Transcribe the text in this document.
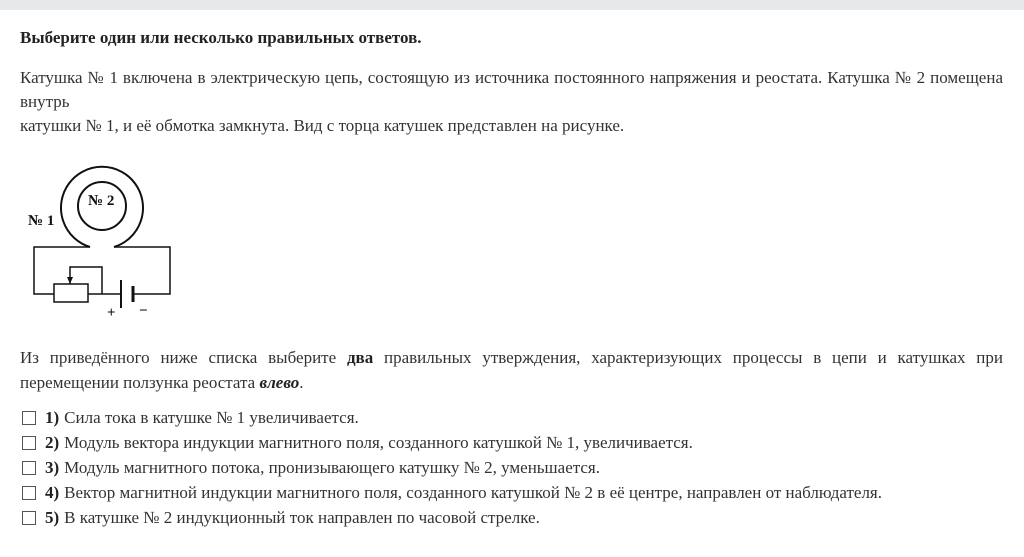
Выберите один или несколько правильных ответов.

Катушка № 1 включена в электрическую цепь, состоящую из источника постоянного напряжения и реостата. Катушка № 2 помещена внутрь

катушки № 1, и её обмотка замкнута. Вид с торца катушек представлен на рисунке.

№ 1
№ 2
+ −

Из приведённого ниже списка выберите два правильных утверждения, характеризующих процессы в цепи и катушках при перемещении ползунка реостата влево.

1) Сила тока в катушке № 1 увеличивается.
2) Модуль вектора индукции магнитного поля, созданного катушкой № 1, увеличивается.
3) Модуль магнитного потока, пронизывающего катушку № 2, уменьшается.
4) Вектор магнитной индукции магнитного поля, созданного катушкой № 2 в её центре, направлен от наблюдателя.
5) В катушке № 2 индукционный ток направлен по часовой стрелке.
